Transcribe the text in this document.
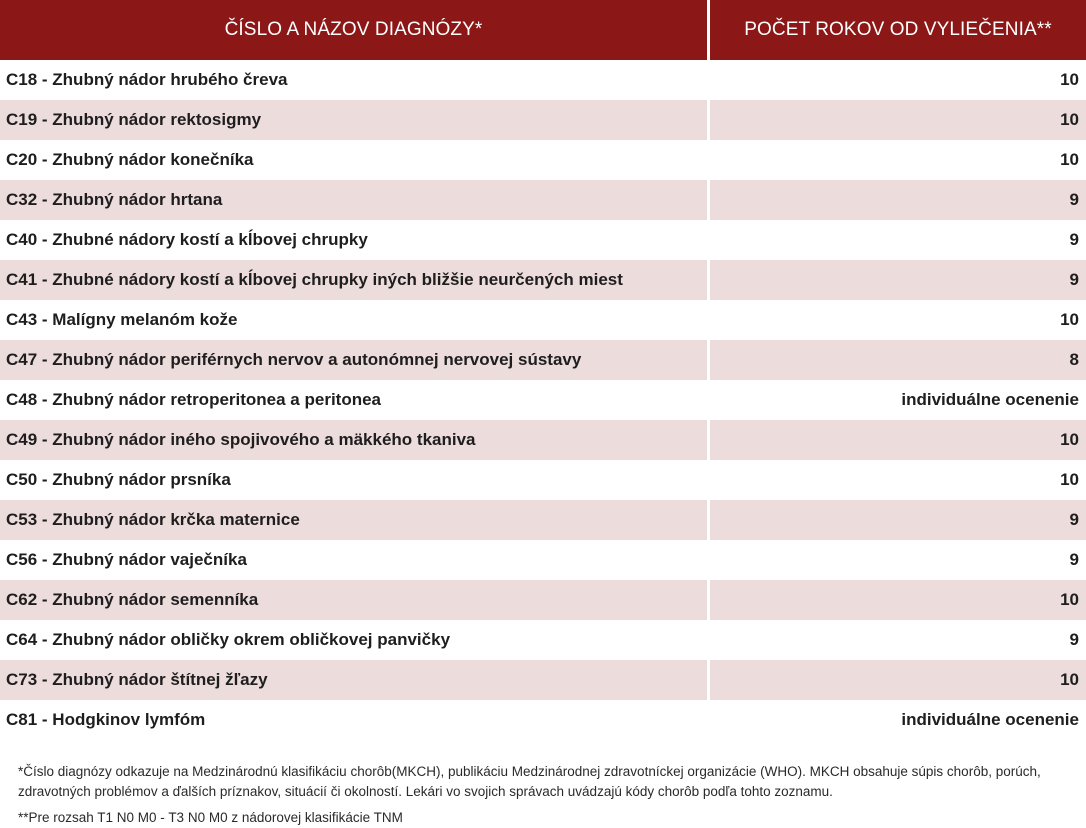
ČÍSLO A NÁZOV DIAGNÓZY*	POČET ROKOV OD VYLIEČENIA**
C18 - Zhubný nádor hrubého čreva	10
C19 - Zhubný nádor rektosigmy	10
C20 - Zhubný nádor konečníka	10
C32 - Zhubný nádor hrtana	9
C40 - Zhubné nádory kostí a kĺbovej chrupky	9
C41 - Zhubné nádory kostí a kĺbovej chrupky iných bližšie neurčených miest	9
C43 - Malígny melanóm kože	10
C47 - Zhubný nádor periférnych nervov a autonómnej nervovej sústavy	8
C48 - Zhubný nádor retroperitonea a peritonea	individuálne ocenenie
C49 - Zhubný nádor iného spojivového a mäkkého tkaniva	10
C50 - Zhubný nádor prsníka	10
C53 - Zhubný nádor krčka maternice	9
C56 - Zhubný nádor vaječníka	9
C62 - Zhubný nádor semenníka	10
C64 - Zhubný nádor obličky okrem obličkovej panvičky	9
C73 - Zhubný nádor štítnej žľazy	10
C81 - Hodgkinov lymfóm	individuálne ocenenie

*Číslo diagnózy odkazuje na Medzinárodnú klasifikáciu chorôb(MKCH), publikáciu Medzinárodnej zdravotníckej organizácie (WHO). MKCH obsahuje súpis chorôb, porúch, zdravotných problémov a ďalších príznakov, situácií či okolností. Lekári vo svojich správach uvádzajú kódy chorôb podľa tohto zoznamu.

**Pre rozsah T1 N0 M0 - T3 N0 M0 z nádorovej klasifikácie TNM
